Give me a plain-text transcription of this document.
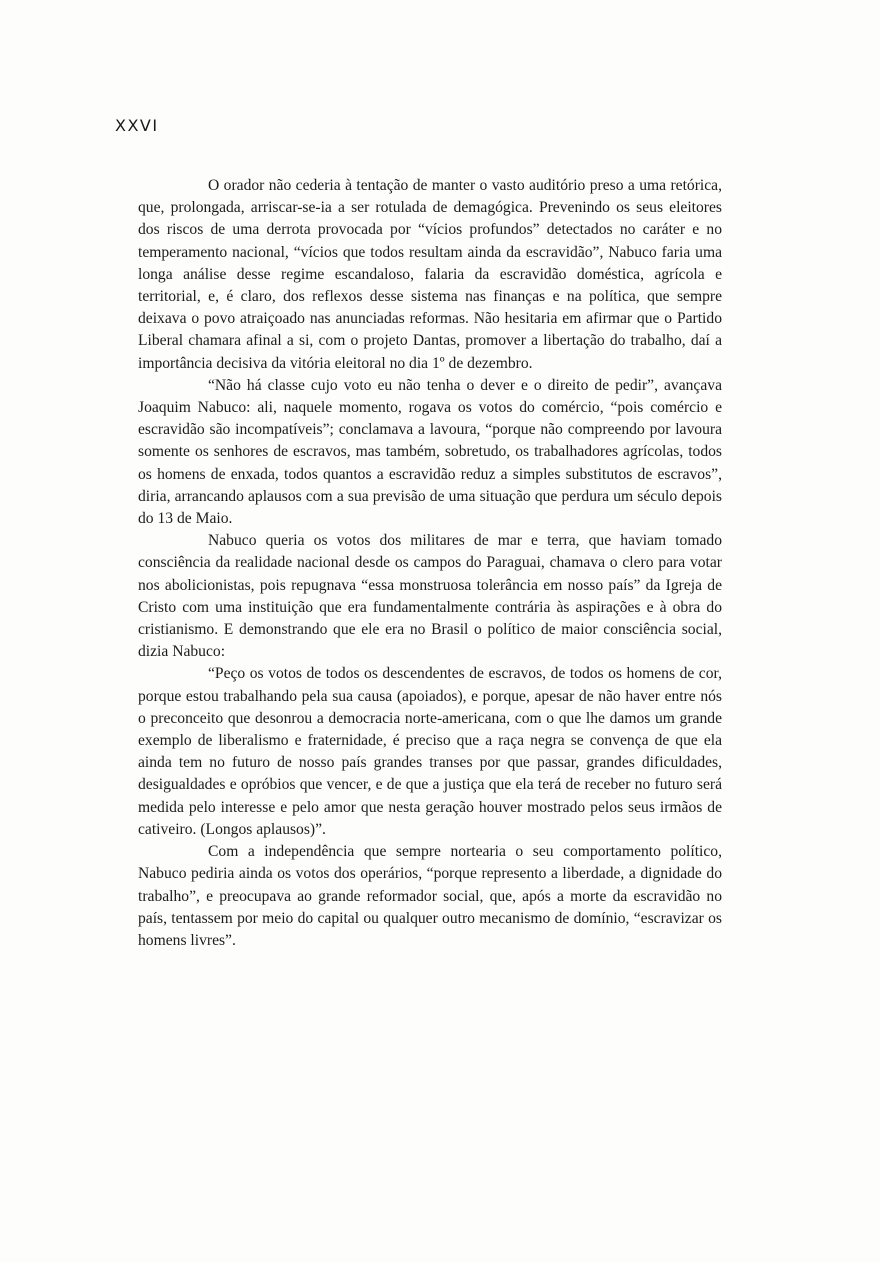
XXVI

O orador não cederia à tentação de manter o vasto auditório preso a uma retórica, que, prolongada, arriscar-se-ia a ser rotulada de demagógica. Prevenindo os seus eleitores dos riscos de uma derrota provocada por “vícios profundos” detectados no caráter e no temperamento nacional, “vícios que todos resultam ainda da escravidão”, Nabuco faria uma longa análise desse regime escandaloso, falaria da escravidão doméstica, agrícola e territorial, e, é claro, dos reflexos desse sistema nas finanças e na política, que sempre deixava o povo atraiçoado nas anunciadas reformas. Não hesitaria em afirmar que o Partido Liberal chamara afinal a si, com o projeto Dantas, promover a libertação do trabalho, daí a importância decisiva da vitória eleitoral no dia 1º de dezembro.

“Não há classe cujo voto eu não tenha o dever e o direito de pedir”, avançava Joaquim Nabuco: ali, naquele momento, rogava os votos do comércio, “pois comércio e escravidão são incompatíveis”; conclamava a lavoura, “porque não compreendo por lavoura somente os senhores de escravos, mas também, sobretudo, os trabalhadores agrícolas, todos os homens de enxada, todos quantos a escravidão reduz a simples substitutos de escravos”, diria, arrancando aplausos com a sua previsão de uma situação que perdura um século depois do 13 de Maio.

Nabuco queria os votos dos militares de mar e terra, que haviam tomado consciência da realidade nacional desde os campos do Paraguai, chamava o clero para votar nos abolicionistas, pois repugnava “essa monstruosa tolerância em nosso país” da Igreja de Cristo com uma instituição que era fundamentalmente contrária às aspirações e à obra do cristianismo. E demonstrando que ele era no Brasil o político de maior consciência social, dizia Nabuco:

“Peço os votos de todos os descendentes de escravos, de todos os homens de cor, porque estou trabalhando pela sua causa (apoiados), e porque, apesar de não haver entre nós o preconceito que desonrou a democracia norte-americana, com o que lhe damos um grande exemplo de liberalismo e fraternidade, é preciso que a raça negra se convença de que ela ainda tem no futuro de nosso país grandes transes por que passar, grandes dificuldades, desigualdades e opróbios que vencer, e de que a justiça que ela terá de receber no futuro será medida pelo interesse e pelo amor que nesta geração houver mostrado pelos seus irmãos de cativeiro. (Longos aplausos)”.

Com a independência que sempre nortearia o seu comportamento político, Nabuco pediria ainda os votos dos operários, “porque represento a liberdade, a dignidade do trabalho”, e preocupava ao grande reformador social, que, após a morte da escravidão no país, tentassem por meio do capital ou qualquer outro mecanismo de domínio, “escravizar os homens livres”.
